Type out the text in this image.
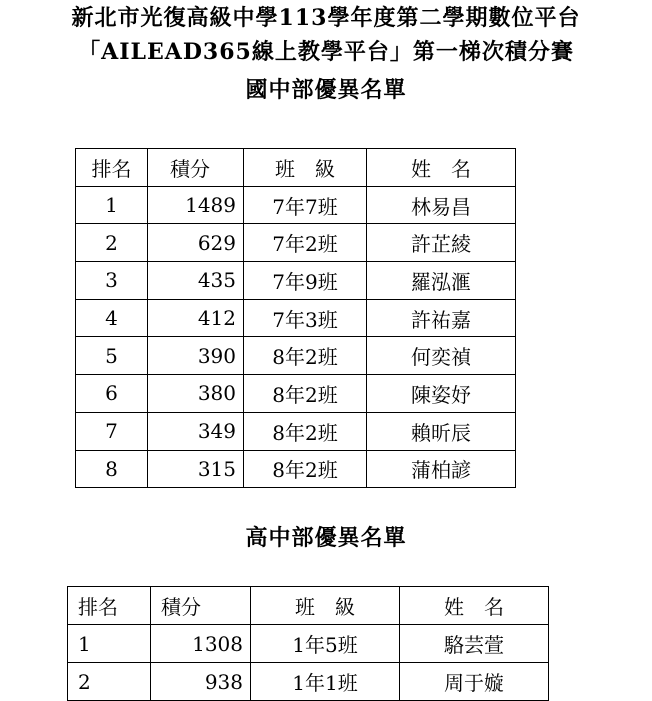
新北市光復高級中學113學年度第二學期數位平台
「AILEAD365線上教學平台」第一梯次積分賽
國中部優異名單
排名	積分	班　級	姓　名
1	1489	7年7班	林易昌
2	629	7年2班	許芷綾
3	435	7年9班	羅泓滙
4	412	7年3班	許祐嘉
5	390	8年2班	何奕禎
6	380	8年2班	陳姿妤
7	349	8年2班	賴昕辰
8	315	8年2班	蒲柏諺
高中部優異名單
排名	積分	班　級	姓　名
1	1308	1年5班	駱芸萱
2	938	1年1班	周于嫙
